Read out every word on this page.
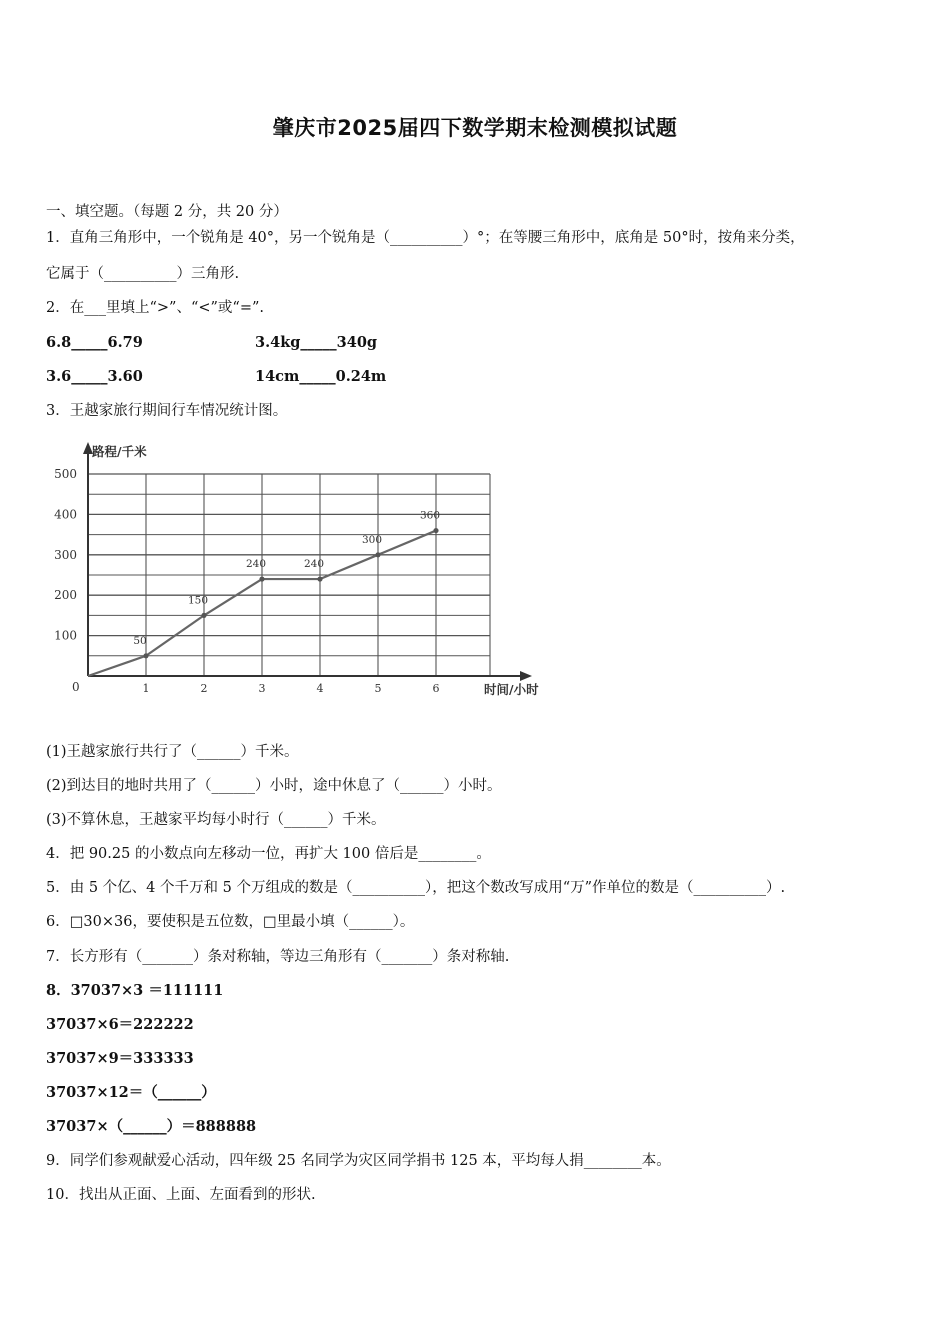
肇庆市2025届四下数学期末检测模拟试题
一、填空题。（每题 2 分，共 20 分）
1．直角三角形中，一个锐角是 40°，另一个锐角是（__________）°；在等腰三角形中，底角是 50°时，按角来分类，
它属于（__________）三角形.
2．在___里填上“>”、“<”或“=”.
6.8_____6.79	3.4kg_____340g
3.6_____3.60	14cm_____0.24m
3．王越家旅行期间行车情况统计图。
100
200
300
400
500
1	2	3	4	5	6
路程/千米
时间/小时
0
50
150
240	240
300
360
(1)王越家旅行共行了（______）千米。
(2)到达目的地时共用了（______）小时，途中休息了（______）小时。
(3)不算休息，王越家平均每小时行（______）千米。
4．把 90.25 的小数点向左移动一位，再扩大 100 倍后是________。
5．由 5 个亿、4 个千万和 5 个万组成的数是（__________），把这个数改写成用“万”作单位的数是（__________）.
6．□30×36，要使积是五位数，□里最小填（______）。
7．长方形有（_______）条对称轴，等边三角形有（_______）条对称轴.
8．37037×3 ＝111111
37037×6＝222222
37037×9＝333333
37037×12＝（______）
37037×（______）＝888888
9．同学们参观献爱心活动，四年级 25 名同学为灾区同学捐书 125 本，平均每人捐________本。
10．找出从正面、上面、左面看到的形状.
